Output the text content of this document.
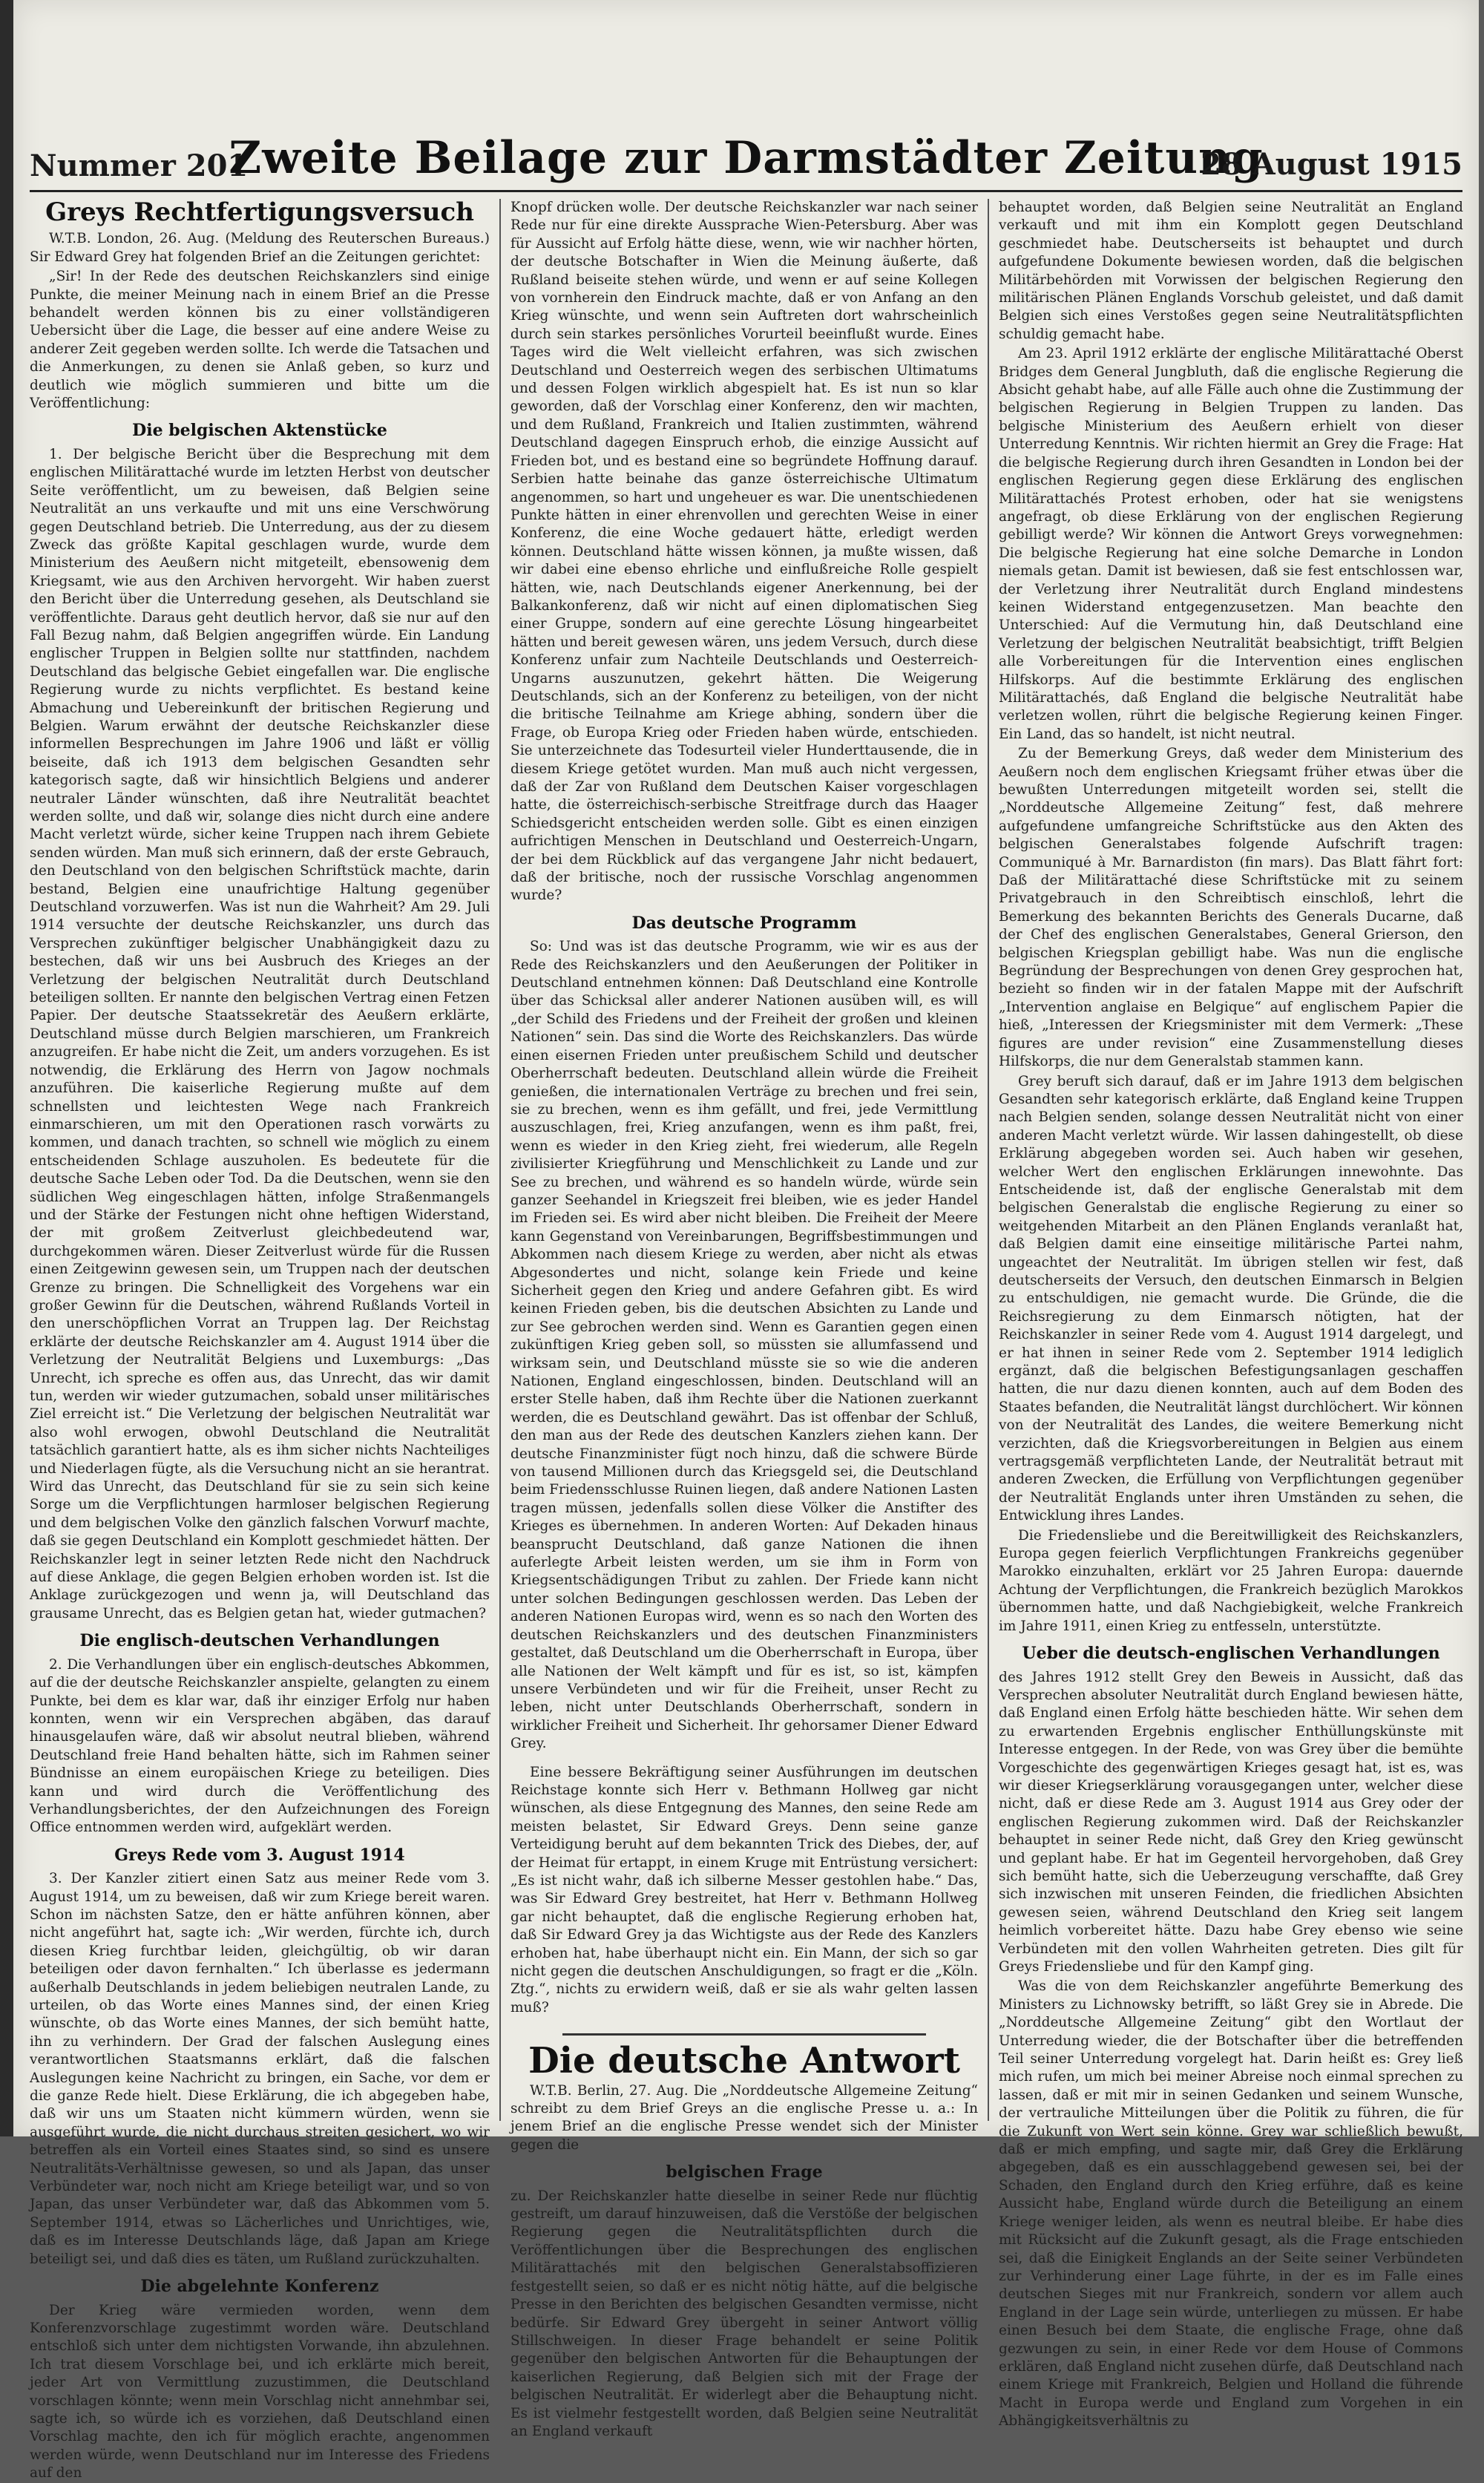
Nummer 201
Zweite Beilage zur Darmstädter Zeitung
28 August 1915
Greys Rechtfertigungsversuch

W.T.B. London, 26. Aug. (Meldung des Reuterschen Bureaus.) Sir Edward Grey hat folgenden Brief an die Zeitungen gerichtet:

„Sir! In der Rede des deutschen Reichskanzlers sind einige Punkte, die meiner Meinung nach in einem Brief an die Presse behandelt werden können bis zu einer vollständigeren Uebersicht über die Lage, die besser auf eine andere Weise zu anderer Zeit gegeben werden sollte. Ich werde die Tatsachen und die Anmerkungen, zu denen sie Anlaß geben, so kurz und deutlich wie möglich summieren und bitte um die Veröffentlichung:

Die belgischen Aktenstücke

1. Der belgische Bericht über die Besprechung mit dem englischen Militärattaché wurde im letzten Herbst von deutscher Seite veröffentlicht, um zu beweisen, daß Belgien seine Neutralität an uns verkaufte und mit uns eine Verschwörung gegen Deutschland betrieb. Die Unterredung, aus der zu diesem Zweck das größte Kapital geschlagen wurde, wurde dem Ministerium des Aeußern nicht mitgeteilt, ebensowenig dem Kriegsamt, wie aus den Archiven hervorgeht. Wir haben zuerst den Bericht über die Unterredung gesehen, als Deutschland sie veröffentlichte. Daraus geht deutlich hervor, daß sie nur auf den Fall Bezug nahm, daß Belgien angegriffen würde. Ein Landung englischer Truppen in Belgien sollte nur stattfinden, nachdem Deutschland das belgische Gebiet eingefallen war. Die englische Regierung wurde zu nichts verpflichtet. Es bestand keine Abmachung und Uebereinkunft der britischen Regierung und Belgien. Warum erwähnt der deutsche Reichskanzler diese informellen Besprechungen im Jahre 1906 und läßt er völlig beiseite, daß ich 1913 dem belgischen Gesandten sehr kategorisch sagte, daß wir hinsichtlich Belgiens und anderer neutraler Länder wünschten, daß ihre Neutralität beachtet werden sollte, und daß wir, solange dies nicht durch eine andere Macht verletzt würde, sicher keine Truppen nach ihrem Gebiete senden würden. Man muß sich erinnern, daß der erste Gebrauch, den Deutschland von den belgischen Schriftstück machte, darin bestand, Belgien eine unaufrichtige Haltung gegenüber Deutschland vorzuwerfen. Was ist nun die Wahrheit? Am 29. Juli 1914 versuchte der deutsche Reichskanzler, uns durch das Versprechen zukünftiger belgischer Unabhängigkeit dazu zu bestechen, daß wir uns bei Ausbruch des Krieges an der Verletzung der belgischen Neutralität durch Deutschland beteiligen sollten. Er nannte den belgischen Vertrag einen Fetzen Papier. Der deutsche Staatssekretär des Aeußern erklärte, Deutschland müsse durch Belgien marschieren, um Frankreich anzugreifen. Er habe nicht die Zeit, um anders vorzugehen. Es ist notwendig, die Erklärung des Herrn von Jagow nochmals anzuführen. Die kaiserliche Regierung mußte auf dem schnellsten und leichtesten Wege nach Frankreich einmarschieren, um mit den Operationen rasch vorwärts zu kommen, und danach trachten, so schnell wie möglich zu einem entscheidenden Schlage auszuholen. Es bedeutete für die deutsche Sache Leben oder Tod. Da die Deutschen, wenn sie den südlichen Weg eingeschlagen hätten, infolge Straßenmangels und der Stärke der Festungen nicht ohne heftigen Widerstand, der mit großem Zeitverlust gleichbedeutend war, durchgekommen wären. Dieser Zeitverlust würde für die Russen einen Zeitgewinn gewesen sein, um Truppen nach der deutschen Grenze zu bringen. Die Schnelligkeit des Vorgehens war ein großer Gewinn für die Deutschen, während Rußlands Vorteil in den unerschöpflichen Vorrat an Truppen lag. Der Reichstag erklärte der deutsche Reichskanzler am 4. August 1914 über die Verletzung der Neutralität Belgiens und Luxemburgs: „Das Unrecht, ich spreche es offen aus, das Unrecht, das wir damit tun, werden wir wieder gutzumachen, sobald unser militärisches Ziel erreicht ist.“ Die Verletzung der belgischen Neutralität war also wohl erwogen, obwohl Deutschland die Neutralität tatsächlich garantiert hatte, als es ihm sicher nichts Nachteiliges und Niederlagen fügte, als die Versuchung nicht an sie herantrat. Wird das Unrecht, das Deutschland für sie zu sein sich keine Sorge um die Verpflichtungen harmloser belgischen Regierung und dem belgischen Volke den gänzlich falschen Vorwurf machte, daß sie gegen Deutschland ein Komplott geschmiedet hätten. Der Reichskanzler legt in seiner letzten Rede nicht den Nachdruck auf diese Anklage, die gegen Belgien erhoben worden ist. Ist die Anklage zurückgezogen und wenn ja, will Deutschland das grausame Unrecht, das es Belgien getan hat, wieder gutmachen?

Die englisch-deutschen Verhandlungen

2. Die Verhandlungen über ein englisch-deutsches Abkommen, auf die der deutsche Reichskanzler anspielte, gelangten zu einem Punkte, bei dem es klar war, daß ihr einziger Erfolg nur haben konnten, wenn wir ein Versprechen abgäben, das darauf hinausgelaufen wäre, daß wir absolut neutral blieben, während Deutschland freie Hand behalten hätte, sich im Rahmen seiner Bündnisse an einem europäischen Kriege zu beteiligen. Dies kann und wird durch die Veröffentlichung des Verhandlungsberichtes, der den Aufzeichnungen des Foreign Office entnommen werden wird, aufgeklärt werden.

Greys Rede vom 3. August 1914

3. Der Kanzler zitiert einen Satz aus meiner Rede vom 3. August 1914, um zu beweisen, daß wir zum Kriege bereit waren. Schon im nächsten Satze, den er hätte anführen können, aber nicht angeführt hat, sagte ich: „Wir werden, fürchte ich, durch diesen Krieg furchtbar leiden, gleichgültig, ob wir daran beteiligen oder davon fernhalten.“ Ich überlasse es jedermann außerhalb Deutschlands in jedem beliebigen neutralen Lande, zu urteilen, ob das Worte eines Mannes sind, der einen Krieg wünschte, ob das Worte eines Mannes, der sich bemüht hatte, ihn zu verhindern. Der Grad der falschen Auslegung eines verantwortlichen Staatsmanns erklärt, daß die falschen Auslegungen keine Nachricht zu bringen, ein Sache, vor dem er die ganze Rede hielt. Diese Erklärung, die ich abgegeben habe, daß wir uns um Staaten nicht kümmern würden, wenn sie ausgeführt wurde, die nicht durchaus streiten gesichert, wo wir betreffen als ein Vorteil eines Staates sind, so sind es unsere Neutralitäts-Verhältnisse gewesen, so und als Japan, das unser Verbündeter war, noch nicht am Kriege beteiligt war, und so von Japan, das unser Verbündeter war, daß das Abkommen vom 5. September 1914, etwas so Lächerliches und Unrichtiges, wie, daß es im Interesse Deutschlands läge, daß Japan am Kriege beteiligt sei, und daß dies es täten, um Rußland zurückzuhalten.

Die abgelehnte Konferenz

Der Krieg wäre vermieden worden, wenn dem Konferenzvorschlage zugestimmt worden wäre. Deutschland entschloß sich unter dem nichtigsten Vorwande, ihn abzulehnen. Ich trat diesem Vorschlage bei, und ich erklärte mich bereit, jeder Art von Vermittlung zuzustimmen, die Deutschland vorschlagen könnte; wenn mein Vorschlag nicht annehmbar sei, sagte ich, so würde ich es vorziehen, daß Deutschland einen Vorschlag machte, den ich für möglich erachte, angenommen werden würde, wenn Deutschland nur im Interesse des Friedens auf den

Knopf drücken wolle. Der deutsche Reichskanzler war nach seiner Rede nur für eine direkte Aussprache Wien-Petersburg. Aber was für Aussicht auf Erfolg hätte diese, wenn, wie wir nachher hörten, der deutsche Botschafter in Wien die Meinung äußerte, daß Rußland beiseite stehen würde, und wenn er auf seine Kollegen von vornherein den Eindruck machte, daß er von Anfang an den Krieg wünschte, und wenn sein Auftreten dort wahrscheinlich durch sein starkes persönliches Vorurteil beeinflußt wurde. Eines Tages wird die Welt vielleicht erfahren, was sich zwischen Deutschland und Oesterreich wegen des serbischen Ultimatums und dessen Folgen wirklich abgespielt hat. Es ist nun so klar geworden, daß der Vorschlag einer Konferenz, den wir machten, und dem Rußland, Frankreich und Italien zustimmten, während Deutschland dagegen Einspruch erhob, die einzige Aussicht auf Frieden bot, und es bestand eine so begründete Hoffnung darauf. Serbien hatte beinahe das ganze österreichische Ultimatum angenommen, so hart und ungeheuer es war. Die unentschiedenen Punkte hätten in einer ehrenvollen und gerechten Weise in einer Konferenz, die eine Woche gedauert hätte, erledigt werden können. Deutschland hätte wissen können, ja mußte wissen, daß wir dabei eine ebenso ehrliche und einflußreiche Rolle gespielt hätten, wie, nach Deutschlands eigener Anerkennung, bei der Balkankonferenz, daß wir nicht auf einen diplomatischen Sieg einer Gruppe, sondern auf eine gerechte Lösung hingearbeitet hätten und bereit gewesen wären, uns jedem Versuch, durch diese Konferenz unfair zum Nachteile Deutschlands und Oesterreich-Ungarns auszunutzen, gekehrt hätten. Die Weigerung Deutschlands, sich an der Konferenz zu beteiligen, von der nicht die britische Teilnahme am Kriege abhing, sondern über die Frage, ob Europa Krieg oder Frieden haben würde, entschieden. Sie unterzeichnete das Todesurteil vieler Hunderttausende, die in diesem Kriege getötet wurden. Man muß auch nicht vergessen, daß der Zar von Rußland dem Deutschen Kaiser vorgeschlagen hatte, die österreichisch-serbische Streitfrage durch das Haager Schiedsgericht entscheiden werden solle. Gibt es einen einzigen aufrichtigen Menschen in Deutschland und Oesterreich-Ungarn, der bei dem Rückblick auf das vergangene Jahr nicht bedauert, daß der britische, noch der russische Vorschlag angenommen wurde?

Das deutsche Programm

So: Und was ist das deutsche Programm, wie wir es aus der Rede des Reichskanzlers und den Aeußerungen der Politiker in Deutschland entnehmen können: Daß Deutschland eine Kontrolle über das Schicksal aller anderer Nationen ausüben will, es will „der Schild des Friedens und der Freiheit der großen und kleinen Nationen“ sein. Das sind die Worte des Reichskanzlers. Das würde einen eisernen Frieden unter preußischem Schild und deutscher Oberherrschaft bedeuten. Deutschland allein würde die Freiheit genießen, die internationalen Verträge zu brechen und frei sein, sie zu brechen, wenn es ihm gefällt, und frei, jede Vermittlung auszuschlagen, frei, Krieg anzufangen, wenn es ihm paßt, frei, wenn es wieder in den Krieg zieht, frei wiederum, alle Regeln zivilisierter Kriegführung und Menschlichkeit zu Lande und zur See zu brechen, und während es so handeln würde, würde sein ganzer Seehandel in Kriegszeit frei bleiben, wie es jeder Handel im Frieden sei. Es wird aber nicht bleiben. Die Freiheit der Meere kann Gegenstand von Vereinbarungen, Begriffsbestimmungen und Abkommen nach diesem Kriege zu werden, aber nicht als etwas Abgesondertes und nicht, solange kein Friede und keine Sicherheit gegen den Krieg und andere Gefahren gibt. Es wird keinen Frieden geben, bis die deutschen Absichten zu Lande und zur See gebrochen werden sind. Wenn es Garantien gegen einen zukünftigen Krieg geben soll, so müssten sie allumfassend und wirksam sein, und Deutschland müsste sie so wie die anderen Nationen, England eingeschlossen, binden. Deutschland will an erster Stelle haben, daß ihm Rechte über die Nationen zuerkannt werden, die es Deutschland gewährt. Das ist offenbar der Schluß, den man aus der Rede des deutschen Kanzlers ziehen kann. Der deutsche Finanzminister fügt noch hinzu, daß die schwere Bürde von tausend Millionen durch das Kriegsgeld sei, die Deutschland beim Friedensschlusse Ruinen liegen, daß andere Nationen Lasten tragen müssen, jedenfalls sollen diese Völker die Anstifter des Krieges es übernehmen. In anderen Worten: Auf Dekaden hinaus beansprucht Deutschland, daß ganze Nationen die ihnen auferlegte Arbeit leisten werden, um sie ihm in Form von Kriegsentschädigungen Tribut zu zahlen. Der Friede kann nicht unter solchen Bedingungen geschlossen werden. Das Leben der anderen Nationen Europas wird, wenn es so nach den Worten des deutschen Reichskanzlers und des deutschen Finanzministers gestaltet, daß Deutschland um die Oberherrschaft in Europa, über alle Nationen der Welt kämpft und für es ist, so ist, kämpfen unsere Verbündeten und wir für die Freiheit, unser Recht zu leben, nicht unter Deutschlands Oberherrschaft, sondern in wirklicher Freiheit und Sicherheit. Ihr gehorsamer Diener Edward Grey.

Eine bessere Bekräftigung seiner Ausführungen im deutschen Reichstage konnte sich Herr v. Bethmann Hollweg gar nicht wünschen, als diese Entgegnung des Mannes, den seine Rede am meisten belastet, Sir Edward Greys. Denn seine ganze Verteidigung beruht auf dem bekannten Trick des Diebes, der, auf der Heimat für ertappt, in einem Kruge mit Entrüstung versichert: „Es ist nicht wahr, daß ich silberne Messer gestohlen habe.“ Das, was Sir Edward Grey bestreitet, hat Herr v. Bethmann Hollweg gar nicht behauptet, daß die englische Regierung erhoben hat, daß Sir Edward Grey ja das Wichtigste aus der Rede des Kanzlers erhoben hat, habe überhaupt nicht ein. Ein Mann, der sich so gar nicht gegen die deutschen Anschuldigungen, so fragt er die „Köln. Ztg.“, nichts zu erwidern weiß, daß er sie als wahr gelten lassen muß?

Die deutsche Antwort

W.T.B. Berlin, 27. Aug. Die „Norddeutsche Allgemeine Zeitung“ schreibt zu dem Brief Greys an die englische Presse u. a.: In jenem Brief an die englische Presse wendet sich der Minister gegen die

belgischen Frage

zu. Der Reichskanzler hatte dieselbe in seiner Rede nur flüchtig gestreift, um darauf hinzuweisen, daß die Verstöße der belgischen Regierung gegen die Neutralitätspflichten durch die Veröffentlichungen über die Besprechungen des englischen Militärattachés mit den belgischen Generalstabsoffizieren festgestellt seien, so daß er es nicht nötig hätte, auf die belgische Presse in den Berichten des belgischen Gesandten vermisse, nicht bedürfe. Sir Edward Grey übergeht in seiner Antwort völlig Stillschweigen. In dieser Frage behandelt er seine Politik gegenüber den belgischen Antworten für die Behauptungen der kaiserlichen Regierung, daß Belgien sich mit der Frage der belgischen Neutralität. Er widerlegt aber die Behauptung nicht. Es ist vielmehr festgestellt worden, daß Belgien seine Neutralität an England verkauft

behauptet worden, daß Belgien seine Neutralität an England verkauft und mit ihm ein Komplott gegen Deutschland geschmiedet habe. Deutscherseits ist behauptet und durch aufgefundene Dokumente bewiesen worden, daß die belgischen Militärbehörden mit Vorwissen der belgischen Regierung den militärischen Plänen Englands Vorschub geleistet, und daß damit Belgien sich eines Verstoßes gegen seine Neutralitätspflichten schuldig gemacht habe.

Am 23. April 1912 erklärte der englische Militärattaché Oberst Bridges dem General Jungbluth, daß die englische Regierung die Absicht gehabt habe, auf alle Fälle auch ohne die Zustimmung der belgischen Regierung in Belgien Truppen zu landen. Das belgische Ministerium des Aeußern erhielt von dieser Unterredung Kenntnis. Wir richten hiermit an Grey die Frage: Hat die belgische Regierung durch ihren Gesandten in London bei der englischen Regierung gegen diese Erklärung des englischen Militärattachés Protest erhoben, oder hat sie wenigstens angefragt, ob diese Erklärung von der englischen Regierung gebilligt werde? Wir können die Antwort Greys vorwegnehmen: Die belgische Regierung hat eine solche Demarche in London niemals getan. Damit ist bewiesen, daß sie fest entschlossen war, der Verletzung ihrer Neutralität durch England mindestens keinen Widerstand entgegenzusetzen. Man beachte den Unterschied: Auf die Vermutung hin, daß Deutschland eine Verletzung der belgischen Neutralität beabsichtigt, trifft Belgien alle Vorbereitungen für die Intervention eines englischen Hilfskorps. Auf die bestimmte Erklärung des englischen Militärattachés, daß England die belgische Neutralität habe verletzen wollen, rührt die belgische Regierung keinen Finger. Ein Land, das so handelt, ist nicht neutral.

Zu der Bemerkung Greys, daß weder dem Ministerium des Aeußern noch dem englischen Kriegsamt früher etwas über die bewußten Unterredungen mitgeteilt worden sei, stellt die „Norddeutsche Allgemeine Zeitung“ fest, daß mehrere aufgefundene umfangreiche Schriftstücke aus den Akten des belgischen Generalstabes folgende Aufschrift tragen: Communiqué à Mr. Barnardiston (fin mars). Das Blatt fährt fort: Daß der Militärattaché diese Schriftstücke mit zu seinem Privatgebrauch in den Schreibtisch einschloß, lehrt die Bemerkung des bekannten Berichts des Generals Ducarne, daß der Chef des englischen Generalstabes, General Grierson, den belgischen Kriegsplan gebilligt habe. Was nun die englische Begründung der Besprechungen von denen Grey gesprochen hat, bezieht so finden wir in der fatalen Mappe mit der Aufschrift „Intervention anglaise en Belgique“ auf englischem Papier die hieß, „Interessen der Kriegsminister mit dem Vermerk: „These figures are under revision“ eine Zusammenstellung dieses Hilfskorps, die nur dem Generalstab stammen kann.

Grey beruft sich darauf, daß er im Jahre 1913 dem belgischen Gesandten sehr kategorisch erklärte, daß England keine Truppen nach Belgien senden, solange dessen Neutralität nicht von einer anderen Macht verletzt würde. Wir lassen dahingestellt, ob diese Erklärung abgegeben worden sei. Auch haben wir gesehen, welcher Wert den englischen Erklärungen innewohnte. Das Entscheidende ist, daß der englische Generalstab mit dem belgischen Generalstab die englische Regierung zu einer so weitgehenden Mitarbeit an den Plänen Englands veranlaßt hat, daß Belgien damit eine einseitige militärische Partei nahm, ungeachtet der Neutralität. Im übrigen stellen wir fest, daß deutscherseits der Versuch, den deutschen Einmarsch in Belgien zu entschuldigen, nie gemacht wurde. Die Gründe, die die Reichsregierung zu dem Einmarsch nötigten, hat der Reichskanzler in seiner Rede vom 4. August 1914 dargelegt, und er hat ihnen in seiner Rede vom 2. September 1914 lediglich ergänzt, daß die belgischen Befestigungsanlagen geschaffen hatten, die nur dazu dienen konnten, auch auf dem Boden des Staates befanden, die Neutralität längst durchlöchert. Wir können von der Neutralität des Landes, die weitere Bemerkung nicht verzichten, daß die Kriegsvorbereitungen in Belgien aus einem vertragsgemäß verpflichteten Lande, der Neutralität betraut mit anderen Zwecken, die Erfüllung von Verpflichtungen gegenüber der Neutralität Englands unter ihren Umständen zu sehen, die Entwicklung ihres Landes.

Die Friedensliebe und die Bereitwilligkeit des Reichskanzlers, Europa gegen feierlich Verpflichtungen Frankreichs gegenüber Marokko einzuhalten, erklärt vor 25 Jahren Europa: dauernde Achtung der Verpflichtungen, die Frankreich bezüglich Marokkos übernommen hatte, und daß Nachgiebigkeit, welche Frankreich im Jahre 1911, einen Krieg zu entfesseln, unterstützte.

Ueber die deutsch-englischen Verhandlungen

des Jahres 1912 stellt Grey den Beweis in Aussicht, daß das Versprechen absoluter Neutralität durch England bewiesen hätte, daß England einen Erfolg hätte beschieden hätte. Wir sehen dem zu erwartenden Ergebnis englischer Enthüllungskünste mit Interesse entgegen. In der Rede, von was Grey über die bemühte Vorgeschichte des gegenwärtigen Krieges gesagt hat, ist es, was wir dieser Kriegserklärung vorausgegangen unter, welcher diese nicht, daß er diese Rede am 3. August 1914 aus Grey oder der englischen Regierung zukommen wird. Daß der Reichskanzler behauptet in seiner Rede nicht, daß Grey den Krieg gewünscht und geplant habe. Er hat im Gegenteil hervorgehoben, daß Grey sich bemüht hatte, sich die Ueberzeugung verschaffte, daß Grey sich inzwischen mit unseren Feinden, die friedlichen Absichten gewesen seien, während Deutschland den Krieg seit langem heimlich vorbereitet hätte. Dazu habe Grey ebenso wie seine Verbündeten mit den vollen Wahrheiten getreten. Dies gilt für Greys Friedensliebe und für den Kampf ging.

Was die von dem Reichskanzler angeführte Bemerkung des Ministers zu Lichnowsky betrifft, so läßt Grey sie in Abrede. Die „Norddeutsche Allgemeine Zeitung“ gibt den Wortlaut der Unterredung wieder, die der Botschafter über die betreffenden Teil seiner Unterredung vorgelegt hat. Darin heißt es: Grey ließ mich rufen, um mich bei meiner Abreise noch einmal sprechen zu lassen, daß er mit mir in seinen Gedanken und seinem Wunsche, der vertrauliche Mitteilungen über die Politik zu führen, die für die Zukunft von Wert sein könne. Grey war schließlich bewußt, daß er mich empfing, und sagte mir, daß Grey die Erklärung abgegeben, daß es ein ausschlaggebend gewesen sei, bei der Schaden, den England durch den Krieg erführe, daß es keine Aussicht habe, England würde durch die Beteiligung an einem Kriege weniger leiden, als wenn es neutral bleibe. Er habe dies mit Rücksicht auf die Zukunft gesagt, als die Frage entschieden sei, daß die Einigkeit Englands an der Seite seiner Verbündeten zur Verhinderung einer Lage führte, in der es im Falle eines deutschen Sieges mit nur Frankreich, sondern vor allem auch England in der Lage sein würde, unterliegen zu müssen. Er habe einen Besuch bei dem Staate, die englische Frage, ohne daß gezwungen zu sein, in einer Rede vor dem House of Commons erklären, daß England nicht zusehen dürfe, daß Deutschland nach einem Kriege mit Frankreich, Belgien und Holland die führende Macht in Europa werde und England zum Vorgehen in ein Abhängigkeitsverhältnis zu
